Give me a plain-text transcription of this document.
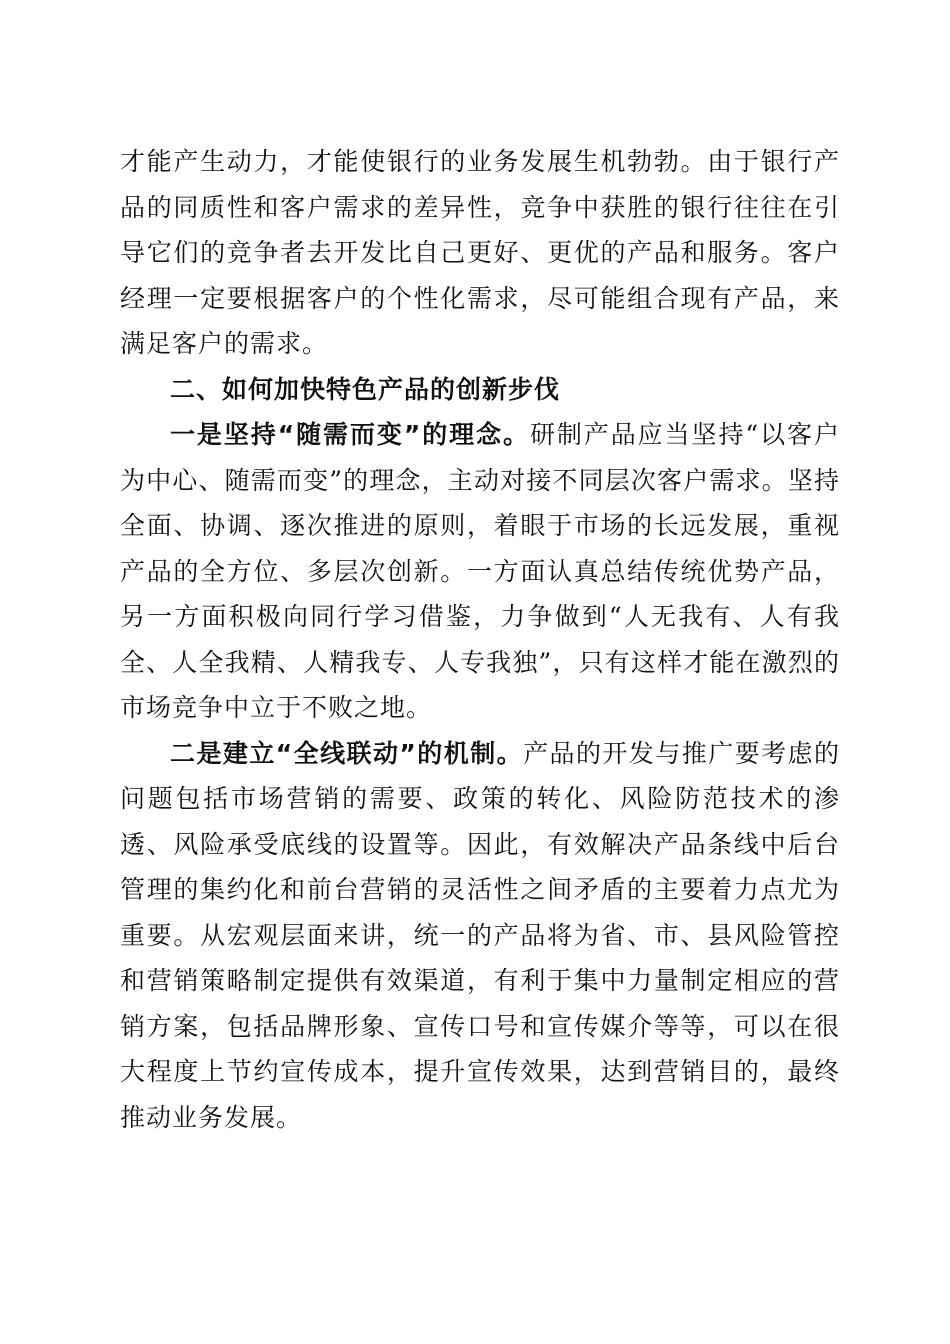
才能产生动力，才能使银行的业务发展生机勃勃。由于银行产品的同质性和客户需求的差异性，竞争中获胜的银行往往在引导它们的竞争者去开发比自己更好、更优的产品和服务。客户经理一定要根据客户的个性化需求，尽可能组合现有产品，来满足客户的需求。

二、如何加快特色产品的创新步伐

一是坚持“随需而变”的理念。研制产品应当坚持“以客户为中心、随需而变”的理念，主动对接不同层次客户需求。坚持全面、协调、逐次推进的原则，着眼于市场的长远发展，重视产品的全方位、多层次创新。一方面认真总结传统优势产品，另一方面积极向同行学习借鉴，力争做到“人无我有、人有我全、人全我精、人精我专、人专我独”，只有这样才能在激烈的市场竞争中立于不败之地。

二是建立“全线联动”的机制。产品的开发与推广要考虑的问题包括市场营销的需要、政策的转化、风险防范技术的渗透、风险承受底线的设置等。因此，有效解决产品条线中后台管理的集约化和前台营销的灵活性之间矛盾的主要着力点尤为重要。从宏观层面来讲，统一的产品将为省、市、县风险管控和营销策略制定提供有效渠道，有利于集中力量制定相应的营销方案，包括品牌形象、宣传口号和宣传媒介等等，可以在很大程度上节约宣传成本，提升宣传效果，达到营销目的，最终推动业务发展。
